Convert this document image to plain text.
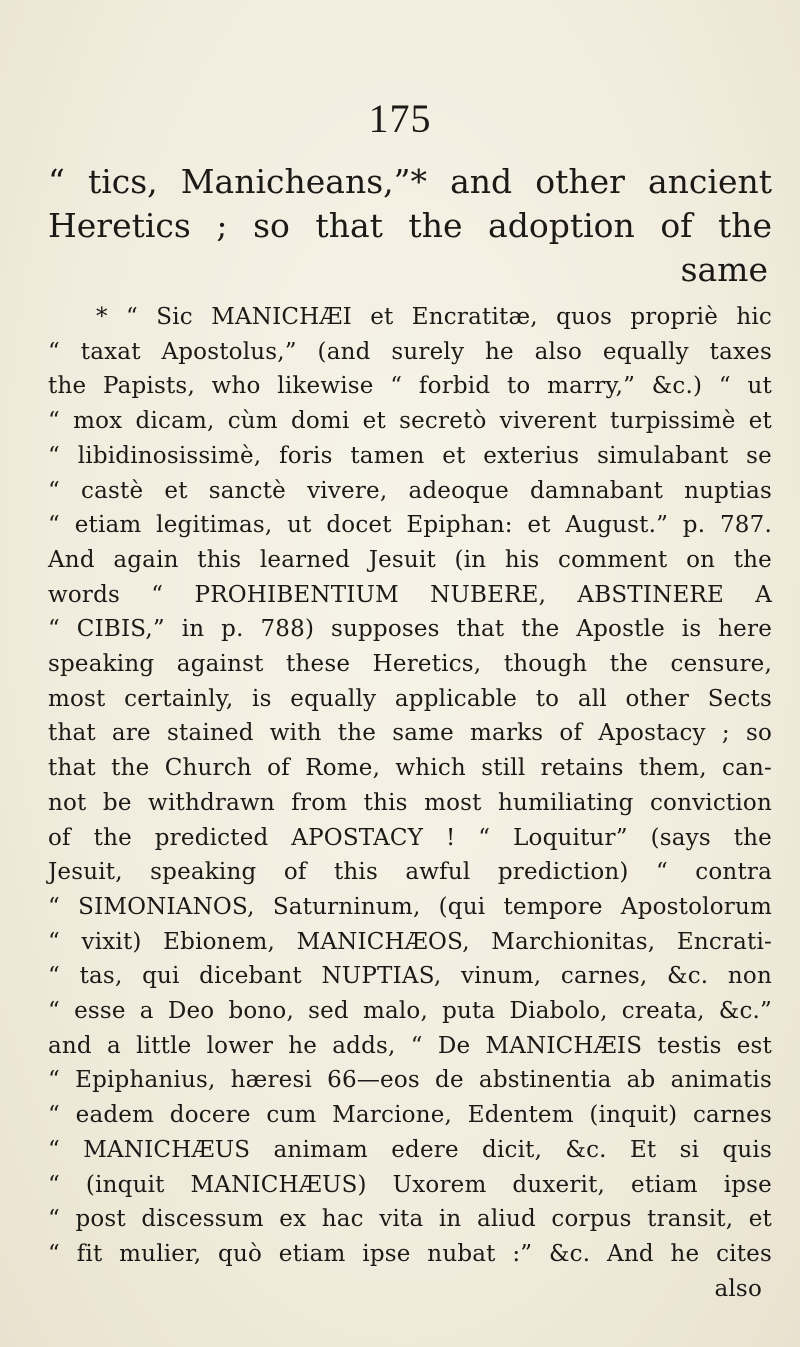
175
“ tics, Manicheans,”* and other ancient
Heretics ; so that the adoption of the
same
* “ Sic MANICHÆI et Encratitæ, quos propriè hic
“ taxat Apostolus,” (and surely he also equally taxes
the Papists, who likewise “ forbid to marry,” &c.) “ ut
“ mox dicam, cùm domi et secretò viverent turpissimè et
“ libidinosissimè, foris tamen et exterius simulabant se
“ castè et sanctè vivere, adeoque damnabant nuptias
“ etiam legitimas, ut docet Epiphan: et August.” p. 787.
And again this learned Jesuit (in his comment on the
words “ PROHIBENTIUM NUBERE, ABSTINERE A
“ CIBIS,” in p. 788) supposes that the Apostle is here
speaking against these Heretics, though the censure,
most certainly, is equally applicable to all other Sects
that are stained with the same marks of Apostacy ; so
that the Church of Rome, which still retains them, can-
not be withdrawn from this most humiliating conviction
of the predicted APOSTACY ! “ Loquitur” (says the
Jesuit, speaking of this awful prediction) “ contra
“ SIMONIANOS, Saturninum, (qui tempore Apostolorum
“ vixit) Ebionem, MANICHÆOS, Marchionitas, Encrati-
“ tas, qui dicebant NUPTIAS, vinum, carnes, &c. non
“ esse a Deo bono, sed malo, puta Diabolo, creata, &c.”
and a little lower he adds, “ De MANICHÆIS testis est
“ Epiphanius, hæresi 66—eos de abstinentia ab animatis
“ eadem docere cum Marcione, Edentem (inquit) carnes
“ MANICHÆUS animam edere dicit, &c. Et si quis
“ (inquit MANICHÆUS) Uxorem duxerit, etiam ipse
“ post discessum ex hac vita in aliud corpus transit, et
“ fit mulier, quò etiam ipse nubat :” &c. And he cites
also
